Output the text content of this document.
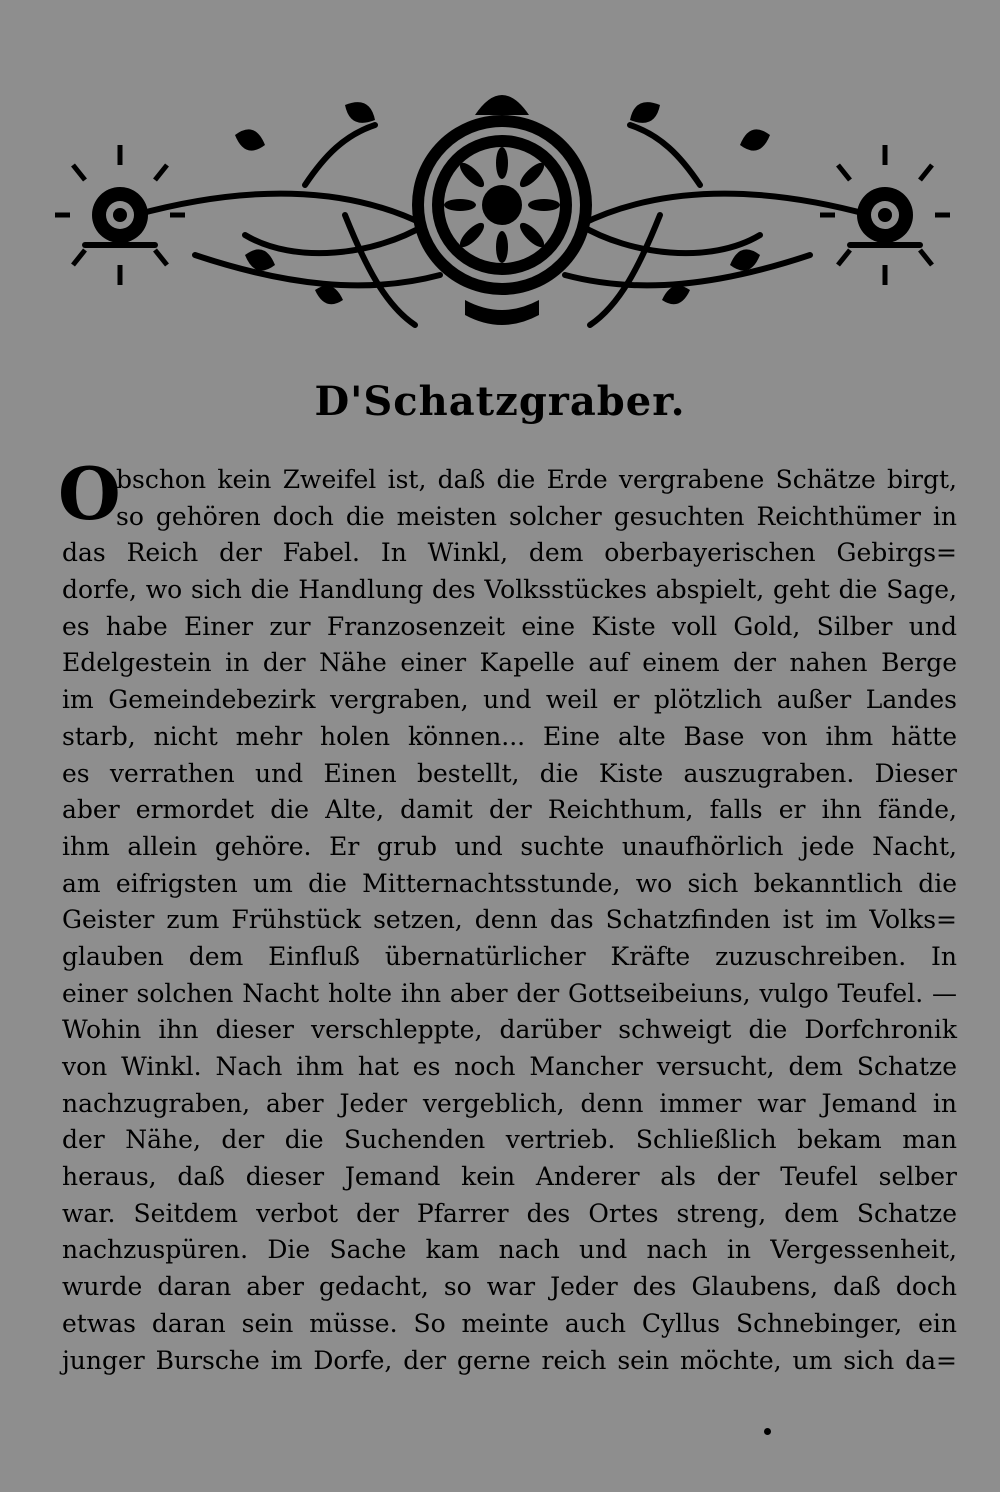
D'Schatzgraber.
O
bschon kein Zweifel ist, daß die Erde vergrabene Schätze birgt,
so gehören doch die meisten solcher gesuchten Reichthümer in
das Reich der Fabel. In Winkl, dem oberbayerischen Gebirgs=
dorfe, wo sich die Handlung des Volksstückes abspielt, geht die Sage,
es habe Einer zur Franzosenzeit eine Kiste voll Gold, Silber und
Edelgestein in der Nähe einer Kapelle auf einem der nahen Berge
im Gemeindebezirk vergraben, und weil er plötzlich außer Landes
starb, nicht mehr holen können... Eine alte Base von ihm hätte
es verrathen und Einen bestellt, die Kiste auszugraben. Dieser
aber ermordet die Alte, damit der Reichthum, falls er ihn fände,
ihm allein gehöre. Er grub und suchte unaufhörlich jede Nacht,
am eifrigsten um die Mitternachtsstunde, wo sich bekanntlich die
Geister zum Frühstück setzen, denn das Schatzfinden ist im Volks=
glauben dem Einfluß übernatürlicher Kräfte zuzuschreiben. In
einer solchen Nacht holte ihn aber der Gottseibeiuns, vulgo Teufel. —
Wohin ihn dieser verschleppte, darüber schweigt die Dorfchronik
von Winkl. Nach ihm hat es noch Mancher versucht, dem Schatze
nachzugraben, aber Jeder vergeblich, denn immer war Jemand in
der Nähe, der die Suchenden vertrieb. Schließlich bekam man
heraus, daß dieser Jemand kein Anderer als der Teufel selber
war. Seitdem verbot der Pfarrer des Ortes streng, dem Schatze
nachzuspüren. Die Sache kam nach und nach in Vergessenheit,
wurde daran aber gedacht, so war Jeder des Glaubens, daß doch
etwas daran sein müsse. So meinte auch Cyllus Schnebinger, ein
junger Bursche im Dorfe, der gerne reich sein möchte, um sich da=
